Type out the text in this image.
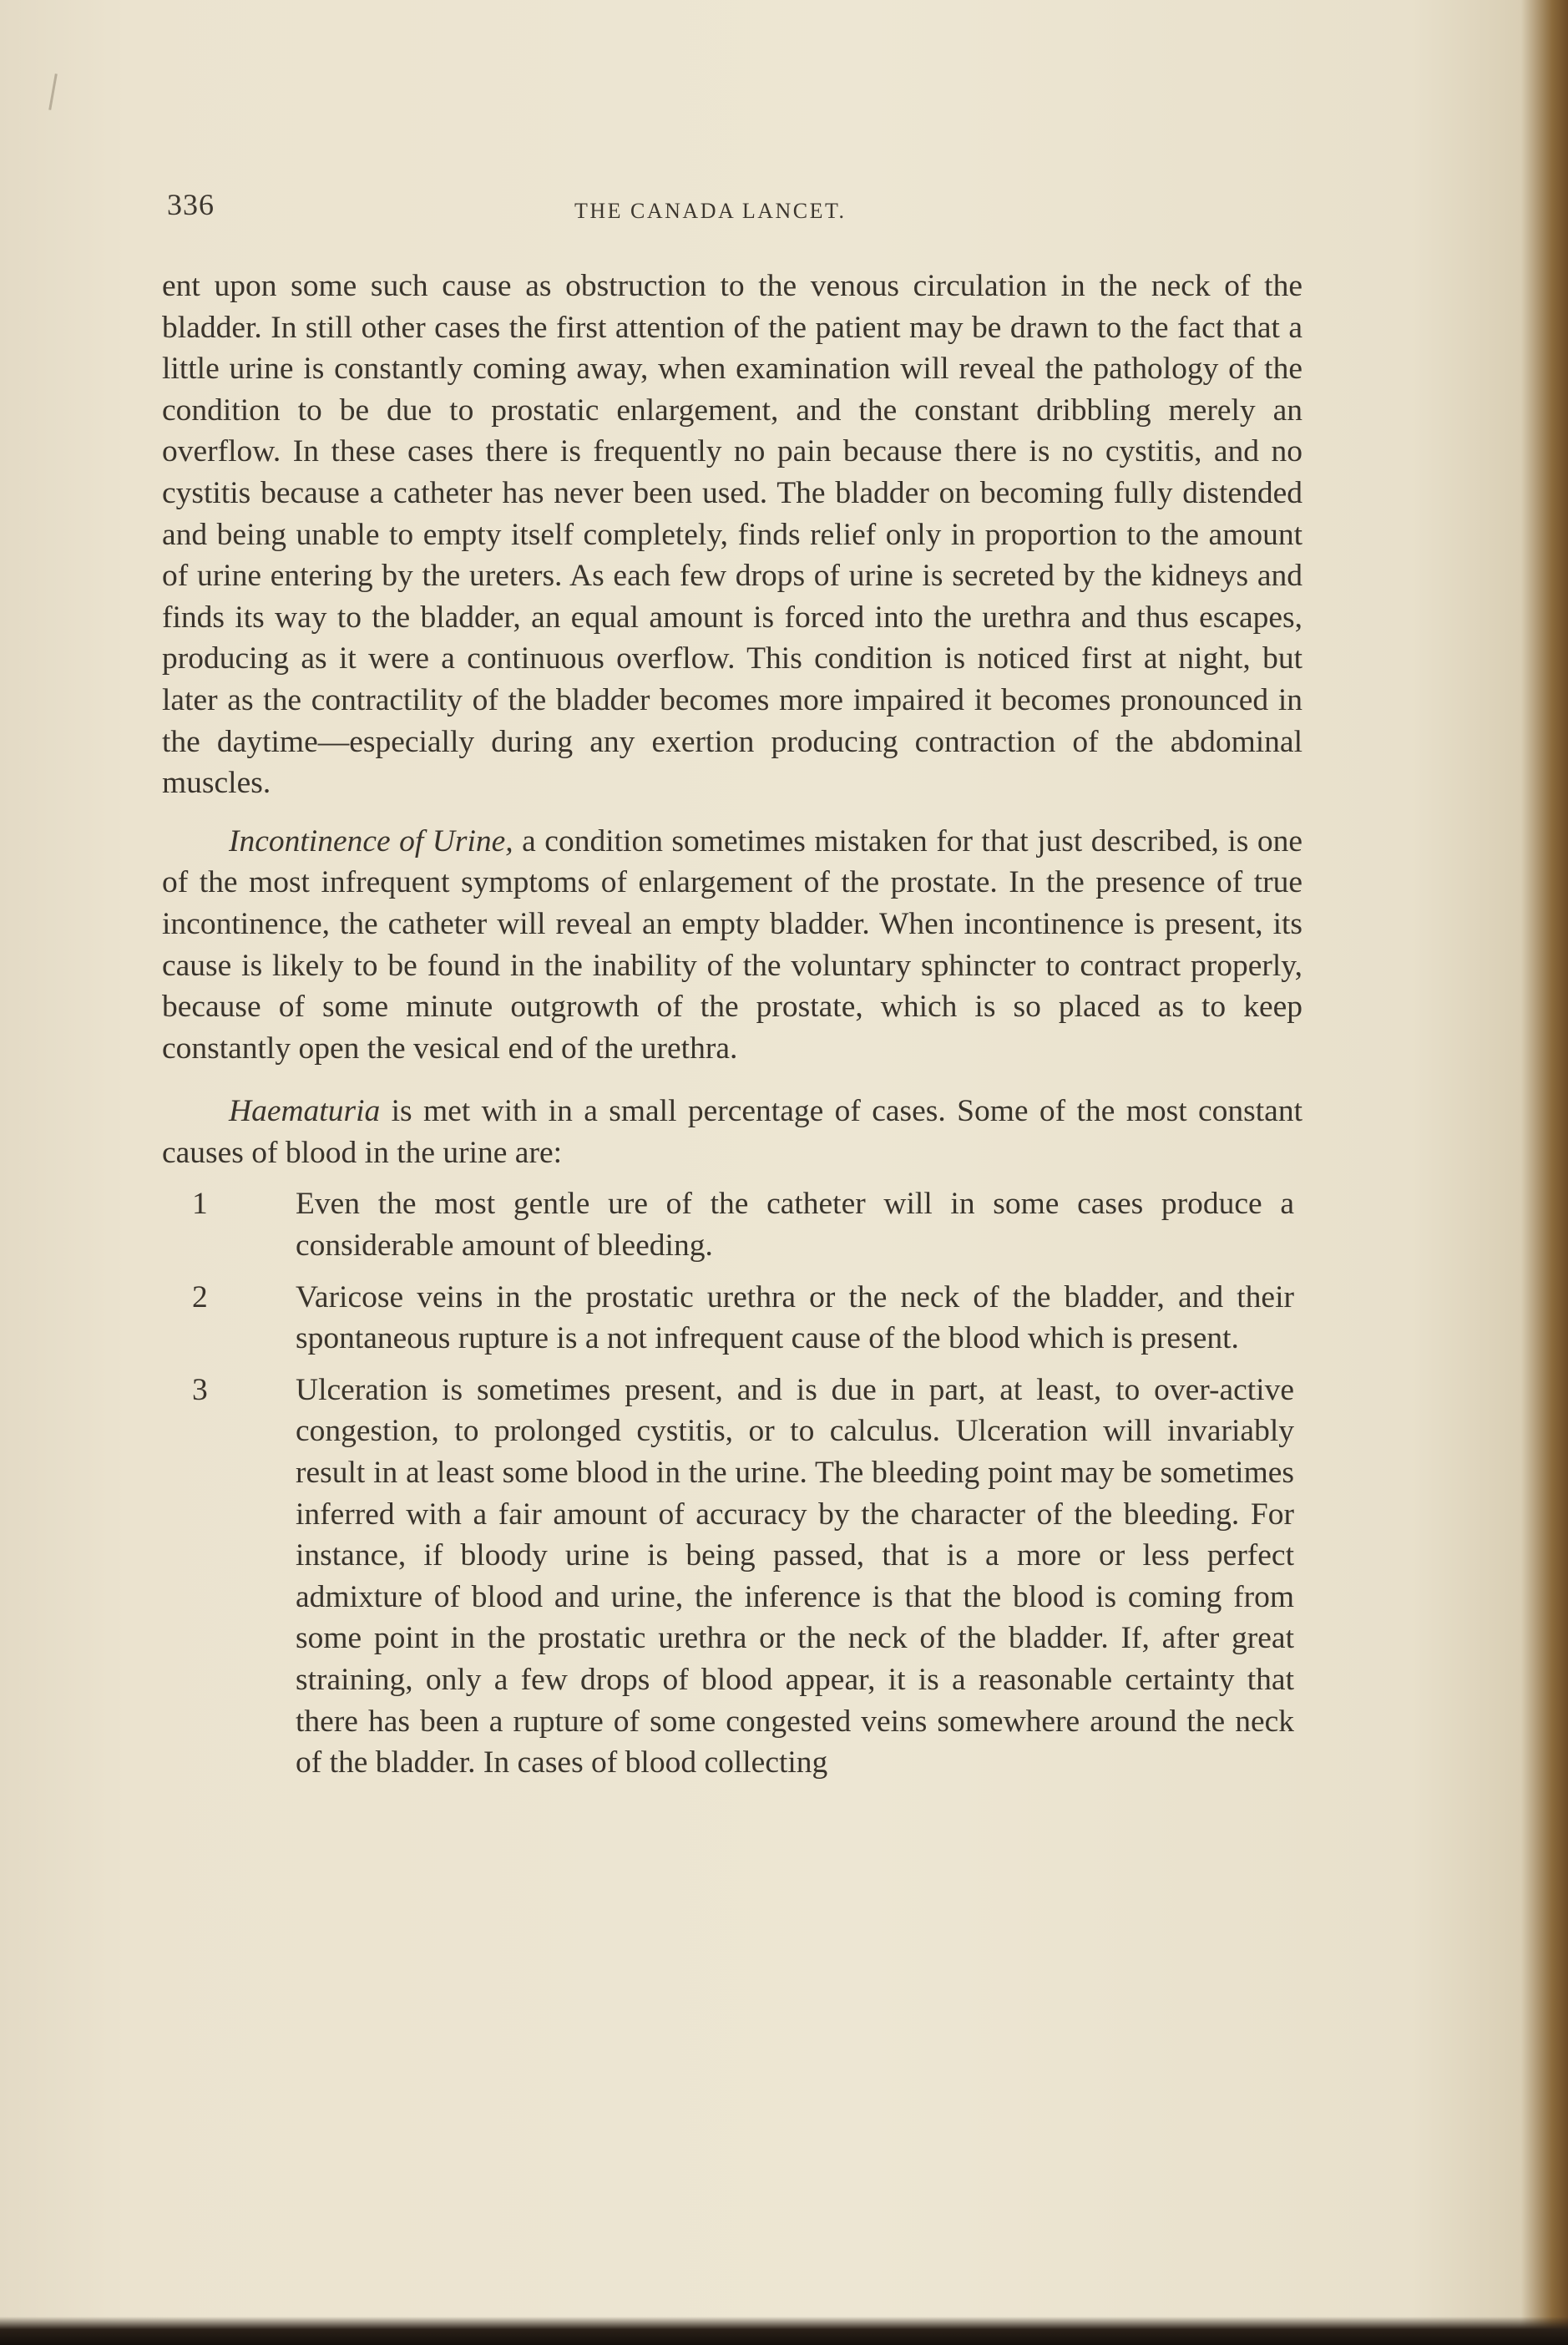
336	THE CANADA LANCET.

ent upon some such cause as obstruction to the venous circulation in the neck of the bladder. In still other cases the first attention of the patient may be drawn to the fact that a little urine is constantly coming away, when examination will reveal the pathology of the condition to be due to prostatic enlargement, and the constant dribbling merely an overflow. In these cases there is frequently no pain because there is no cystitis, and no cystitis because a catheter has never been used. The bladder on becoming fully distended and being unable to empty itself completely, finds relief only in proportion to the amount of urine entering by the ureters. As each few drops of urine is secreted by the kidneys and finds its way to the bladder, an equal amount is forced into the urethra and thus escapes, producing as it were a continuous overflow. This condition is noticed first at night, but later as the contractility of the bladder becomes more impaired it becomes pronounced in the daytime—especially during any exertion producing contraction of the abdominal muscles.

Incontinence of Urine, a condition sometimes mistaken for that just described, is one of the most infrequent symptoms of enlargement of the prostate. In the presence of true incontinence, the catheter will reveal an empty bladder. When incontinence is present, its cause is likely to be found in the inability of the voluntary sphincter to contract properly, because of some minute outgrowth of the prostate, which is so placed as to keep constantly open the vesical end of the urethra.

Haematuria is met with in a small percentage of cases. Some of the most constant causes of blood in the urine are:

1	Even the most gentle ure of the catheter will in some cases produce a considerable amount of bleeding.
2	Varicose veins in the prostatic urethra or the neck of the bladder, and their spontaneous rupture is a not infrequent cause of the blood which is present.
3	Ulceration is sometimes present, and is due in part, at least, to over-active congestion, to prolonged cystitis, or to calculus. Ulceration will invariably result in at least some blood in the urine. The bleeding point may be sometimes inferred with a fair amount of accuracy by the character of the bleeding. For instance, if bloody urine is being passed, that is a more or less perfect admixture of blood and urine, the inference is that the blood is coming from some point in the prostatic urethra or the neck of the bladder. If, after great straining, only a few drops of blood appear, it is a reasonable certainty that there has been a rupture of some congested veins somewhere around the neck of the bladder. In cases of blood collecting
